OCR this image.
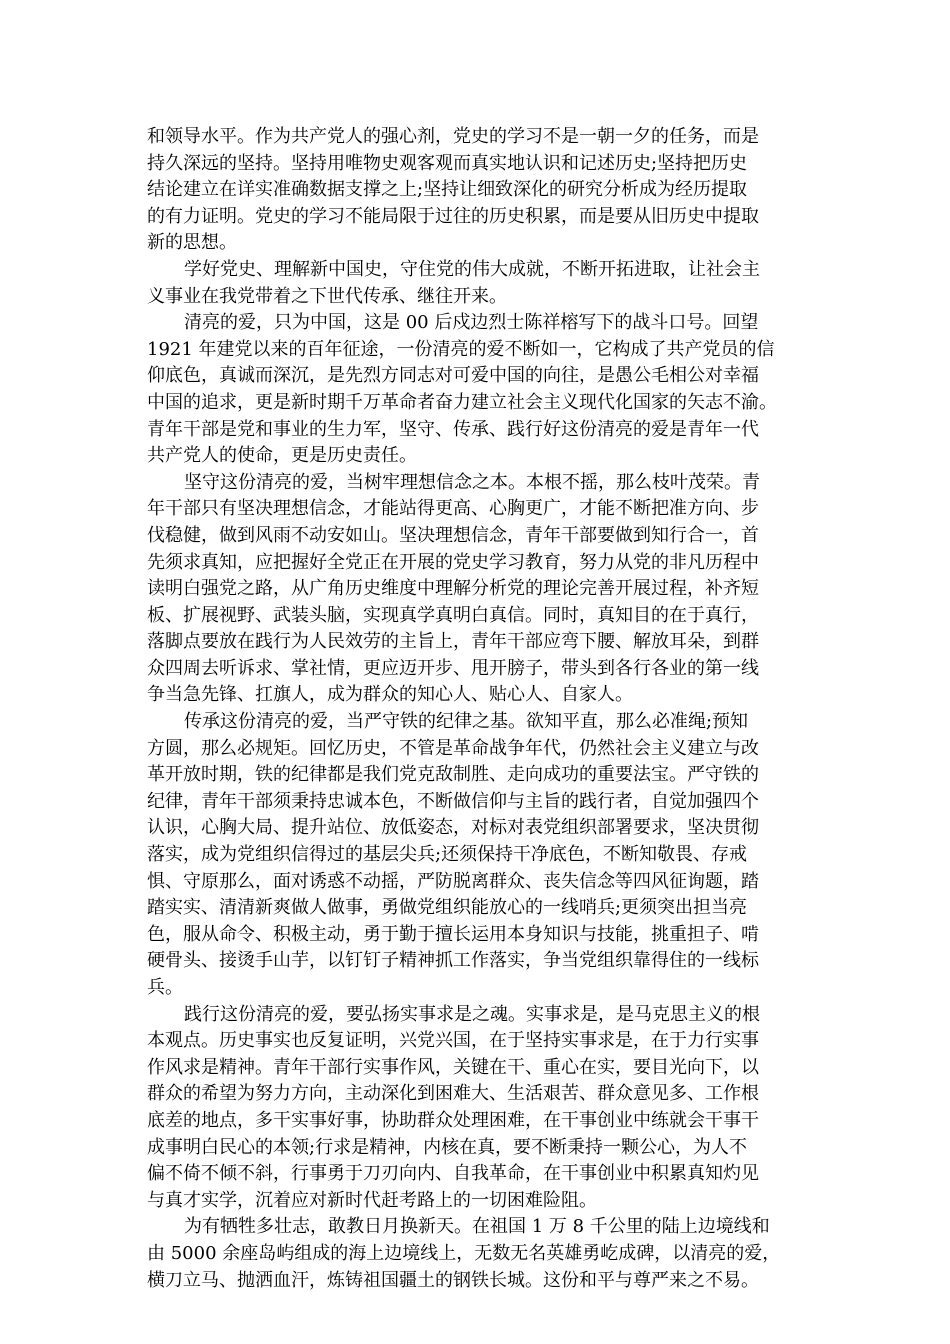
和领导水平。作为共产党人的强心剂，党史的学习不是一朝一夕的任务，而是
持久深远的坚持。坚持用唯物史观客观而真实地认识和记述历史;坚持把历史
结论建立在详实准确数据支撑之上;坚持让细致深化的研究分析成为经历提取
的有力证明。党史的学习不能局限于过往的历史积累，而是要从旧历史中提取
新的思想。
学好党史、理解新中国史，守住党的伟大成就，不断开拓进取，让社会主
义事业在我党带着之下世代传承、继往开来。
清亮的爱，只为中国，这是 00 后戍边烈士陈祥榕写下的战斗口号。回望
1921 年建党以来的百年征途，一份清亮的爱不断如一，它构成了共产党员的信
仰底色，真诚而深沉，是先烈方同志对可爱中国的向往，是愚公毛相公对幸福
中国的追求，更是新时期千万革命者奋力建立社会主义现代化国家的矢志不渝。
青年干部是党和事业的生力军，坚守、传承、践行好这份清亮的爱是青年一代
共产党人的使命，更是历史责任。
坚守这份清亮的爱，当树牢理想信念之本。本根不摇，那么枝叶茂荣。青
年干部只有坚决理想信念，才能站得更高、心胸更广，才能不断把准方向、步
伐稳健，做到风雨不动安如山。坚决理想信念，青年干部要做到知行合一，首
先须求真知，应把握好全党正在开展的党史学习教育，努力从党的非凡历程中
读明白强党之路，从广角历史维度中理解分析党的理论完善开展过程，补齐短
板、扩展视野、武装头脑，实现真学真明白真信。同时，真知目的在于真行，
落脚点要放在践行为人民效劳的主旨上，青年干部应弯下腰、解放耳朵，到群
众四周去听诉求、掌社情，更应迈开步、甩开膀子，带头到各行各业的第一线
争当急先锋、扛旗人，成为群众的知心人、贴心人、自家人。
传承这份清亮的爱，当严守铁的纪律之基。欲知平直，那么必准绳;预知
方圆，那么必规矩。回忆历史，不管是革命战争年代，仍然社会主义建立与改
革开放时期，铁的纪律都是我们党克敌制胜、走向成功的重要法宝。严守铁的
纪律，青年干部须秉持忠诚本色，不断做信仰与主旨的践行者，自觉加强四个
认识，心胸大局、提升站位、放低姿态，对标对表党组织部署要求，坚决贯彻
落实，成为党组织信得过的基层尖兵;还须保持干净底色，不断知敬畏、存戒
惧、守原那么，面对诱惑不动摇，严防脱离群众、丧失信念等四风征询题，踏
踏实实、清清新爽做人做事，勇做党组织能放心的一线哨兵;更须突出担当亮
色，服从命令、积极主动，勇于勤于擅长运用本身知识与技能，挑重担子、啃
硬骨头、接烫手山芋，以钉钉子精神抓工作落实，争当党组织靠得住的一线标
兵。
践行这份清亮的爱，要弘扬实事求是之魂。实事求是，是马克思主义的根
本观点。历史事实也反复证明，兴党兴国，在于坚持实事求是，在于力行实事
作风求是精神。青年干部行实事作风，关键在干、重心在实，要目光向下，以
群众的希望为努力方向，主动深化到困难大、生活艰苦、群众意见多、工作根
底差的地点，多干实事好事，协助群众处理困难，在干事创业中练就会干事干
成事明白民心的本领;行求是精神，内核在真，要不断秉持一颗公心，为人不
偏不倚不倾不斜，行事勇于刀刃向内、自我革命，在干事创业中积累真知灼见
与真才实学，沉着应对新时代赶考路上的一切困难险阻。
为有牺牲多壮志，敢教日月换新天。在祖国 1 万 8 千公里的陆上边境线和
由 5000 余座岛屿组成的海上边境线上，无数无名英雄勇屹成碑，以清亮的爱，
横刀立马、抛洒血汗，炼铸祖国疆土的钢铁长城。这份和平与尊严来之不易。
